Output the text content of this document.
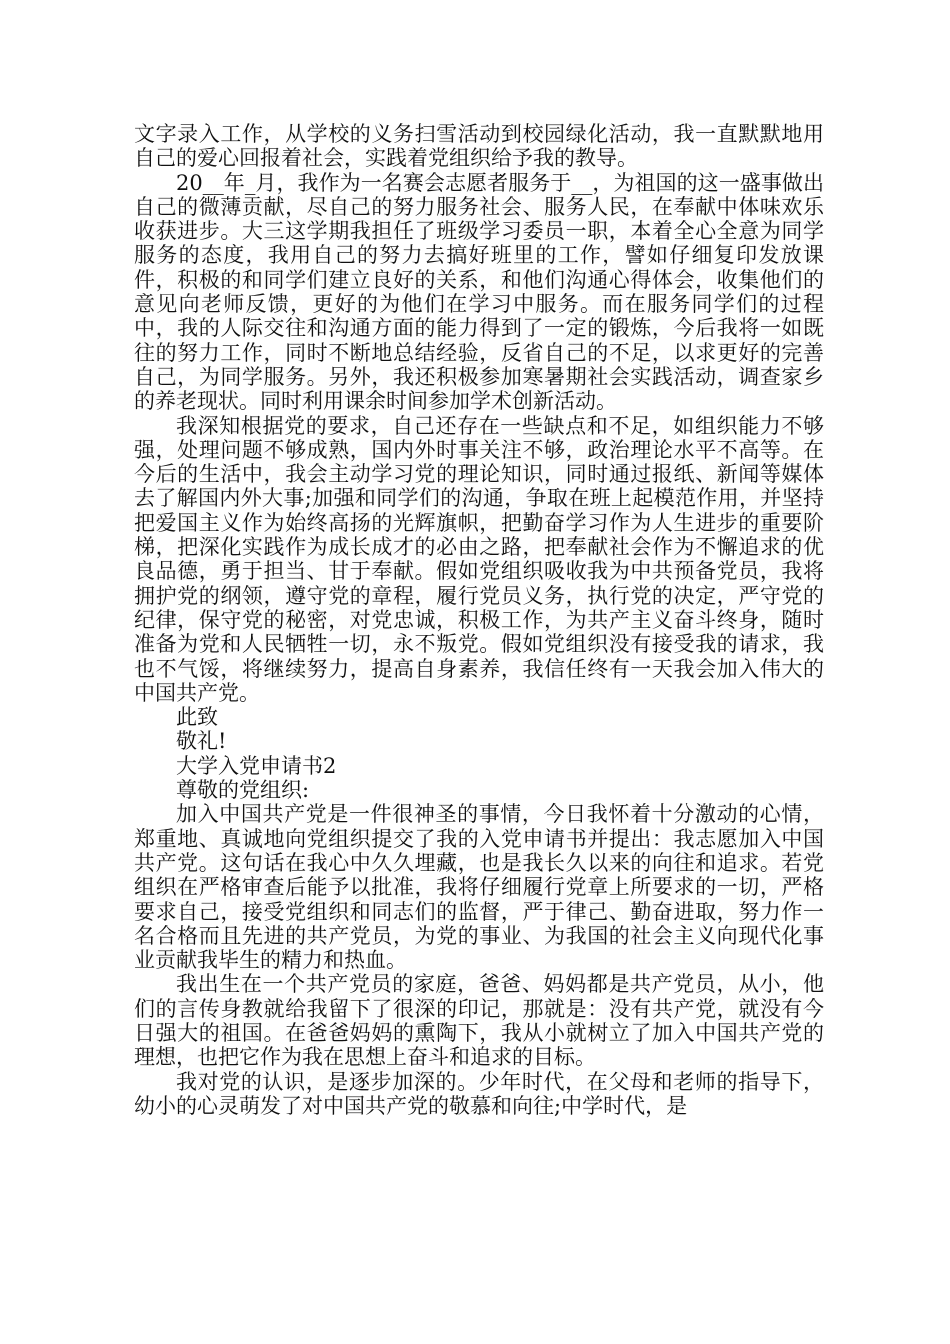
文字录入工作，从学校的义务扫雪活动到校园绿化活动，我一直默默地用自己的爱心回报着社会，实践着党组织给予我的教导。

20__年_月，我作为一名赛会志愿者服务于__，为祖国的这一盛事做出自己的微薄贡献，尽自己的努力服务社会、服务人民，在奉献中体味欢乐收获进步。大三这学期我担任了班级学习委员一职，本着全心全意为同学服务的态度，我用自己的努力去搞好班里的工作，譬如仔细复印发放课件，积极的和同学们建立良好的关系，和他们沟通心得体会，收集他们的意见向老师反馈，更好的为他们在学习中服务。而在服务同学们的过程中，我的人际交往和沟通方面的能力得到了一定的锻炼，今后我将一如既往的努力工作，同时不断地总结经验，反省自己的不足，以求更好的完善自己，为同学服务。另外，我还积极参加寒暑期社会实践活动，调查家乡的养老现状。同时利用课余时间参加学术创新活动。

我深知根据党的要求，自己还存在一些缺点和不足，如组织能力不够强，处理问题不够成熟，国内外时事关注不够，政治理论水平不高等。在今后的生活中，我会主动学习党的理论知识，同时通过报纸、新闻等媒体去了解国内外大事;加强和同学们的沟通，争取在班上起模范作用，并坚持把爱国主义作为始终高扬的光辉旗帜，把勤奋学习作为人生进步的重要阶梯，把深化实践作为成长成才的必由之路，把奉献社会作为不懈追求的优良品德，勇于担当、甘于奉献。假如党组织吸收我为中共预备党员，我将拥护党的纲领，遵守党的章程，履行党员义务，执行党的决定，严守党的纪律，保守党的秘密，对党忠诚，积极工作，为共产主义奋斗终身，随时准备为党和人民牺牲一切，永不叛党。假如党组织没有接受我的请求，我也不气馁，将继续努力，提高自身素养，我信任终有一天我会加入伟大的中国共产党。

此致

敬礼!

大学入党申请书2

尊敬的党组织:

加入中国共产党是一件很神圣的事情，今日我怀着十分激动的心情，郑重地、真诚地向党组织提交了我的入党申请书并提出：我志愿加入中国共产党。这句话在我心中久久埋藏，也是我长久以来的向往和追求。若党组织在严格审查后能予以批准，我将仔细履行党章上所要求的一切，严格要求自己，接受党组织和同志们的监督，严于律己、勤奋进取，努力作一名合格而且先进的共产党员，为党的事业、为我国的社会主义向现代化事业贡献我毕生的精力和热血。

我出生在一个共产党员的家庭，爸爸、妈妈都是共产党员，从小，他们的言传身教就给我留下了很深的印记，那就是：没有共产党，就没有今日强大的祖国。在爸爸妈妈的熏陶下，我从小就树立了加入中国共产党的理想，也把它作为我在思想上奋斗和追求的目标。

我对党的认识，是逐步加深的。少年时代，在父母和老师的指导下，幼小的心灵萌发了对中国共产党的敬慕和向往;中学时代，是
